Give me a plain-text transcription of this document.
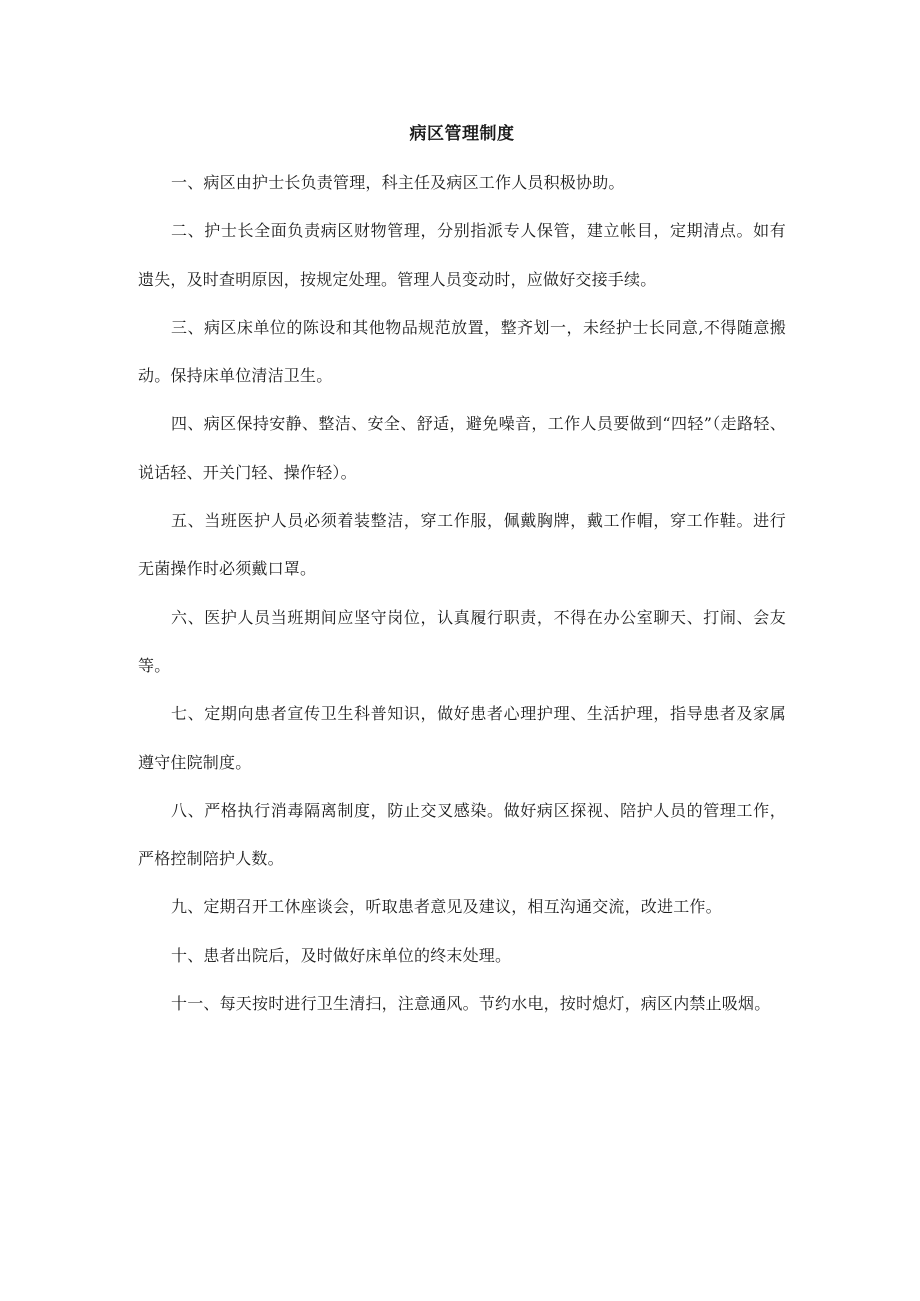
病区管理制度

一、病区由护士长负责管理，科主任及病区工作人员积极协助。

二、护士长全面负责病区财物管理，分别指派专人保管，建立帐目，定期清点。如有遗失，及时查明原因，按规定处理。管理人员变动时，应做好交接手续。

三、病区床单位的陈设和其他物品规范放置，整齐划一，未经护士长同意,不得随意搬动。保持床单位清洁卫生。

四、病区保持安静、整洁、安全、舒适，避免噪音，工作人员要做到“四轻”（走路轻、说话轻、开关门轻、操作轻）。

五、当班医护人员必须着装整洁，穿工作服，佩戴胸牌，戴工作帽，穿工作鞋。进行无菌操作时必须戴口罩。

六、医护人员当班期间应坚守岗位，认真履行职责，不得在办公室聊天、打闹、会友等。

七、定期向患者宣传卫生科普知识，做好患者心理护理、生活护理，指导患者及家属遵守住院制度。

八、严格执行消毒隔离制度，防止交叉感染。做好病区探视、陪护人员的管理工作，严格控制陪护人数。

九、定期召开工休座谈会，听取患者意见及建议，相互沟通交流，改进工作。

十、患者出院后，及时做好床单位的终末处理。

十一、每天按时进行卫生清扫，注意通风。节约水电，按时熄灯，病区内禁止吸烟。
